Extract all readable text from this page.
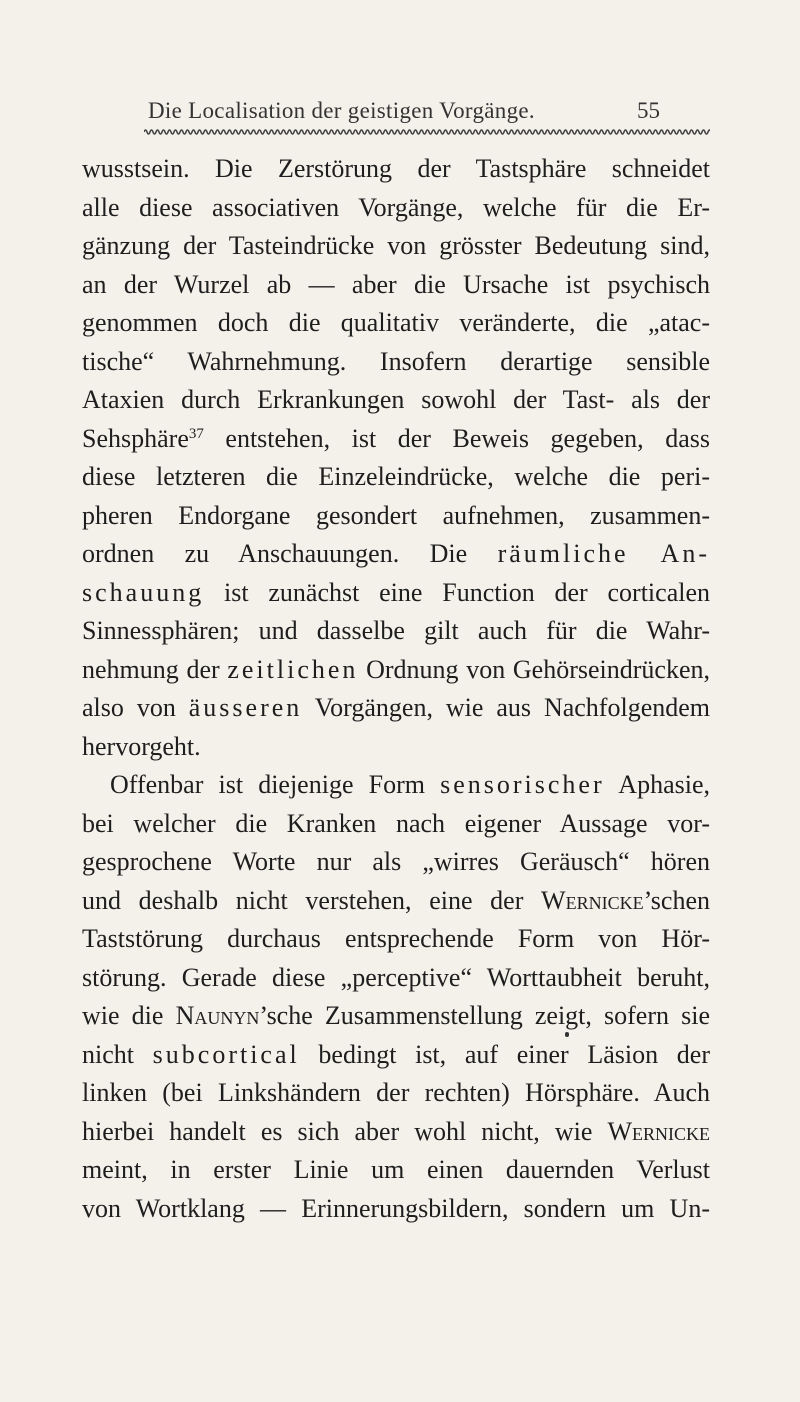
Die Localisation der geistigen Vorgänge.	55
wusstsein. Die Zerstörung der Tastsphäre schneidet
alle diese associativen Vorgänge, welche für die Er-
gänzung der Tasteindrücke von grösster Bedeutung sind,
an der Wurzel ab — aber die Ursache ist psychisch
genommen doch die qualitativ veränderte, die „atac-
tische“ Wahrnehmung. Insofern derartige sensible
Ataxien durch Erkrankungen sowohl der Tast- als der
Sehsphäre$^{37}$ entstehen, ist der Beweis gegeben, dass
diese letzteren die Einzeleindrücke, welche die peri-
pheren Endorgane gesondert aufnehmen, zusammen-
ordnen zu Anschauungen. Die räumliche An-
schauung ist zunächst eine Function der corticalen
Sinnessphären; und dasselbe gilt auch für die Wahr-
nehmung der zeitlichen Ordnung von Gehörseindrücken,
also von äusseren Vorgängen, wie aus Nachfolgendem
hervorgeht.
Offenbar ist diejenige Form sensorischer Aphasie,
bei welcher die Kranken nach eigener Aussage vor-
gesprochene Worte nur als „wirres Geräusch“ hören
und deshalb nicht verstehen, eine der Wernicke’schen
Taststörung durchaus entsprechende Form von Hör-
störung. Gerade diese „perceptive“ Worttaubheit beruht,
wie die Naunyn’sche Zusammenstellung zeigt, sofern sie
nicht subcortical bedingt ist, auf einer Läsion der
linken (bei Linkshändern der rechten) Hörsphäre. Auch
hierbei handelt es sich aber wohl nicht, wie Wernicke
meint, in erster Linie um einen dauernden Verlust
von Wortklang — Erinnerungsbildern, sondern um Un-
